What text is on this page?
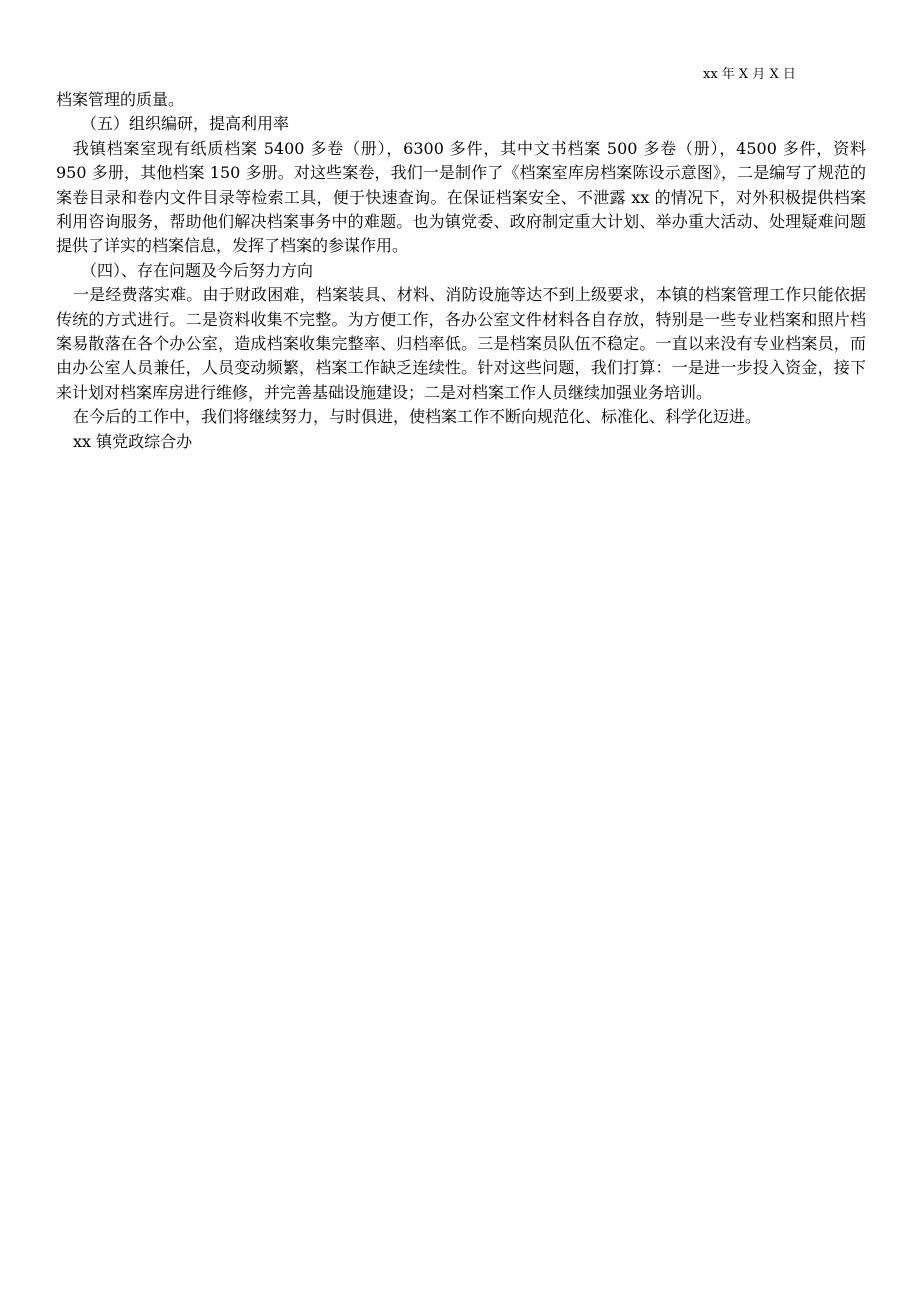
xx 年 X 月 X 日

档案管理的质量。

（五）组织编研，提高利用率

我镇档案室现有纸质档案 5400 多卷（册），6300 多件，其中文书档案 500 多卷（册），4500 多件，资料 950 多册，其他档案 150 多册。对这些案卷，我们一是制作了《档案室库房档案陈设示意图》，二是编写了规范的案卷目录和卷内文件目录等检索工具，便于快速查询。在保证档案安全、不泄露 xx 的情况下，对外积极提供档案利用咨询服务，帮助他们解决档案事务中的难题。也为镇党委、政府制定重大计划、举办重大活动、处理疑难问题提供了详实的档案信息，发挥了档案的参谋作用。

（四）、存在问题及今后努力方向

一是经费落实难。由于财政困难，档案装具、材料、消防设施等达不到上级要求，本镇的档案管理工作只能依据传统的方式进行。二是资料收集不完整。为方便工作，各办公室文件材料各自存放，特别是一些专业档案和照片档案易散落在各个办公室，造成档案收集完整率、归档率低。三是档案员队伍不稳定。一直以来没有专业档案员，而由办公室人员兼任，人员变动频繁，档案工作缺乏连续性。针对这些问题，我们打算：一是进一步投入资金，接下来计划对档案库房进行维修，并完善基础设施建设；二是对档案工作人员继续加强业务培训。

在今后的工作中，我们将继续努力，与时俱进，使档案工作不断向规范化、标准化、科学化迈进。

xx 镇党政综合办
